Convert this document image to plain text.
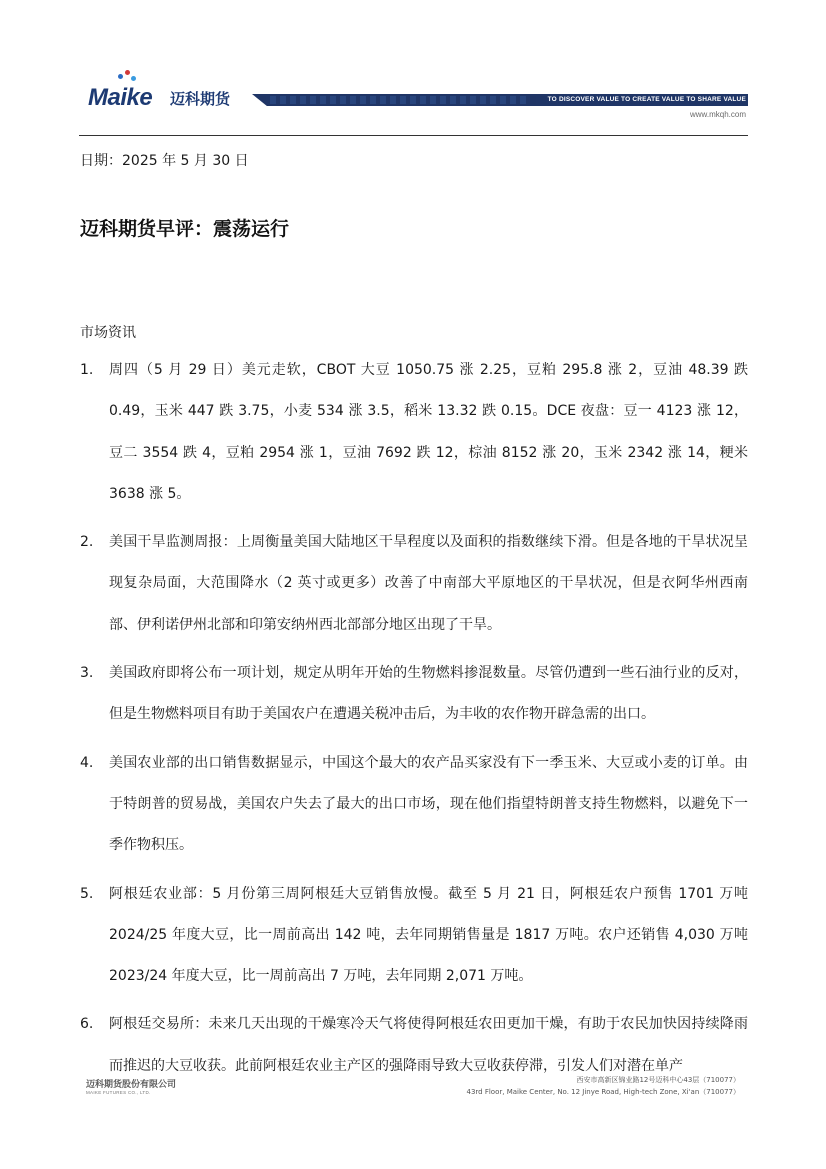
Maike 迈科期货	TO DISCOVER VALUE TO CREATE VALUE TO SHARE VALUE
www.mkqh.com
日期：2025 年 5 月 30 日
迈科期货早评：震荡运行
市场资讯
1. 周四（5 月 29 日）美元走软，CBOT 大豆 1050.75 涨 2.25，豆粕 295.8 涨 2，豆油 48.39 跌 0.49，玉米 447 跌 3.75，小麦 534 涨 3.5，稻米 13.32 跌 0.15。DCE 夜盘：豆一 4123 涨 12，豆二 3554 跌 4，豆粕 2954 涨 1，豆油 7692 跌 12，棕油 8152 涨 20，玉米 2342 涨 14，粳米 3638 涨 5。
2. 美国干旱监测周报：上周衡量美国大陆地区干旱程度以及面积的指数继续下滑。但是各地的干旱状况呈现复杂局面，大范围降水（2 英寸或更多）改善了中南部大平原地区的干旱状况，但是衣阿华州西南部、伊利诺伊州北部和印第安纳州西北部部分地区出现了干旱。
3. 美国政府即将公布一项计划，规定从明年开始的生物燃料掺混数量。尽管仍遭到一些石油行业的反对，但是生物燃料项目有助于美国农户在遭遇关税冲击后，为丰收的农作物开辟急需的出口。
4. 美国农业部的出口销售数据显示，中国这个最大的农产品买家没有下一季玉米、大豆或小麦的订单。由于特朗普的贸易战，美国农户失去了最大的出口市场，现在他们指望特朗普支持生物燃料，以避免下一季作物积压。
5. 阿根廷农业部：5 月份第三周阿根廷大豆销售放慢。截至 5 月 21 日，阿根廷农户预售 1701 万吨 2024/25 年度大豆，比一周前高出 142 吨，去年同期销售量是 1817 万吨。农户还销售 4,030 万吨 2023/24 年度大豆，比一周前高出 7 万吨，去年同期 2,071 万吨。
6. 阿根廷交易所：未来几天出现的干燥寒冷天气将使得阿根廷农田更加干燥，有助于农民加快因持续降雨而推迟的大豆收获。此前阿根廷农业主产区的强降雨导致大豆收获停滞，引发人们对潜在单产
迈科期货股份有限公司
MAIKE FUTURES CO., LTD.
西安市高新区锦业路12号迈科中心43层（710077）
43rd Floor, Maike Center, No. 12 Jinye Road, High-tech Zone, Xi'an（710077）
